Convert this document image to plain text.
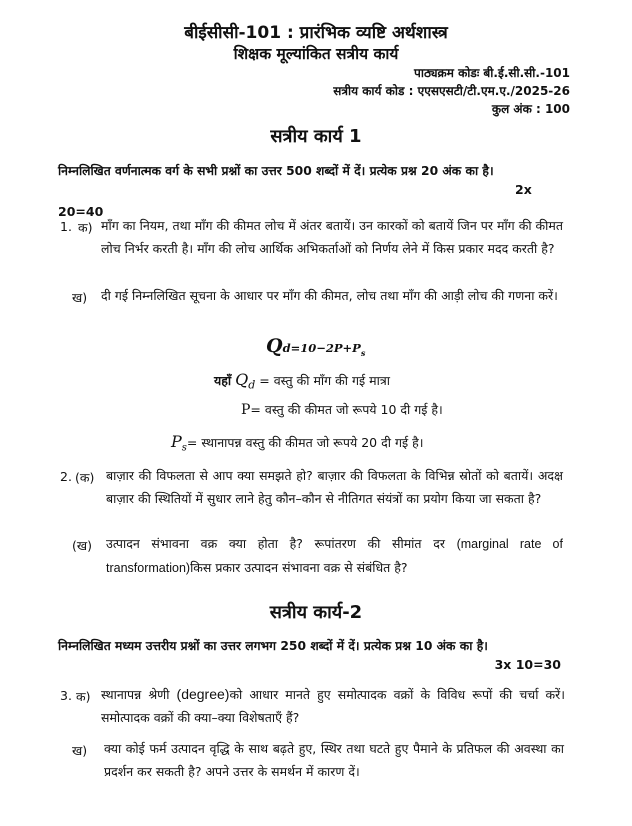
बीईसीसी-101 : प्रारंभिक व्यष्टि अर्थशास्त्र
शिक्षक मूल्यांकित सत्रीय कार्य
पाठ्यक्रम कोडः बी.ई.सी.सी.-101
सत्रीय कार्य कोड : एएसएसटी/टी.एम.ए./2025-26
कुल अंक : 100
सत्रीय कार्य 1
निम्नलिखित वर्णनात्मक वर्ग के सभी प्रश्नों का उत्तर 500 शब्दों में दें। प्रत्येक प्रश्न 20 अंक का है।
2x
20=40
1. क) माँग का नियम, तथा माँग की कीमत लोच में अंतर बतायें। उन कारकों को बतायें जिन पर माँग की कीमत लोच निर्भर करती है। माँग की लोच आर्थिक अभिकर्ताओं को निर्णय लेने में किस प्रकार मदद करती है?
ख) दी गई निम्नलिखित सूचना के आधार पर माँग की कीमत, लोच तथा माँग की आड़ी लोच की गणना करें।
$Qd=10-2P+P_s$
यहाँ $Q_d$ = वस्तु की माँग की गई मात्रा
P= वस्तु की कीमत जो रूपये 10 दी गई है।
$P_s=$ स्थानापन्न वस्तु की कीमत जो रूपये 20 दी गई है।
2. (क) बाज़ार की विफलता से आप क्या समझते हो? बाज़ार की विफलता के विभिन्न स्रोतों को बतायें। अदक्ष बाज़ार की स्थितियों में सुधार लाने हेतु कौन–कौन से नीतिगत संयंत्रों का प्रयोग किया जा सकता है?
(ख) उत्पादन संभावना वक्र क्या होता है? रूपांतरण की सीमांत दर (marginal rate of transformation)किस प्रकार उत्पादन संभावना वक्र से संबंधित है?
सत्रीय कार्य-2
निम्नलिखित मध्यम उत्तरीय प्रश्नों का उत्तर लगभग 250 शब्दों में दें। प्रत्येक प्रश्न 10 अंक का है।
3x 10=30
3. क) स्थानापन्न श्रेणी (degree)को आधार मानते हुए समोत्पादक वक्रों के विविध रूपों की चर्चा करें। समोत्पादक वक्रों की क्या–क्या विशेषताएँ हैं?
ख) क्या कोई फर्म उत्पादन वृद्धि के साथ बढ़ते हुए, स्थिर तथा घटते हुए पैमाने के प्रतिफल की अवस्था का प्रदर्शन कर सकती है? अपने उत्तर के समर्थन में कारण दें।
